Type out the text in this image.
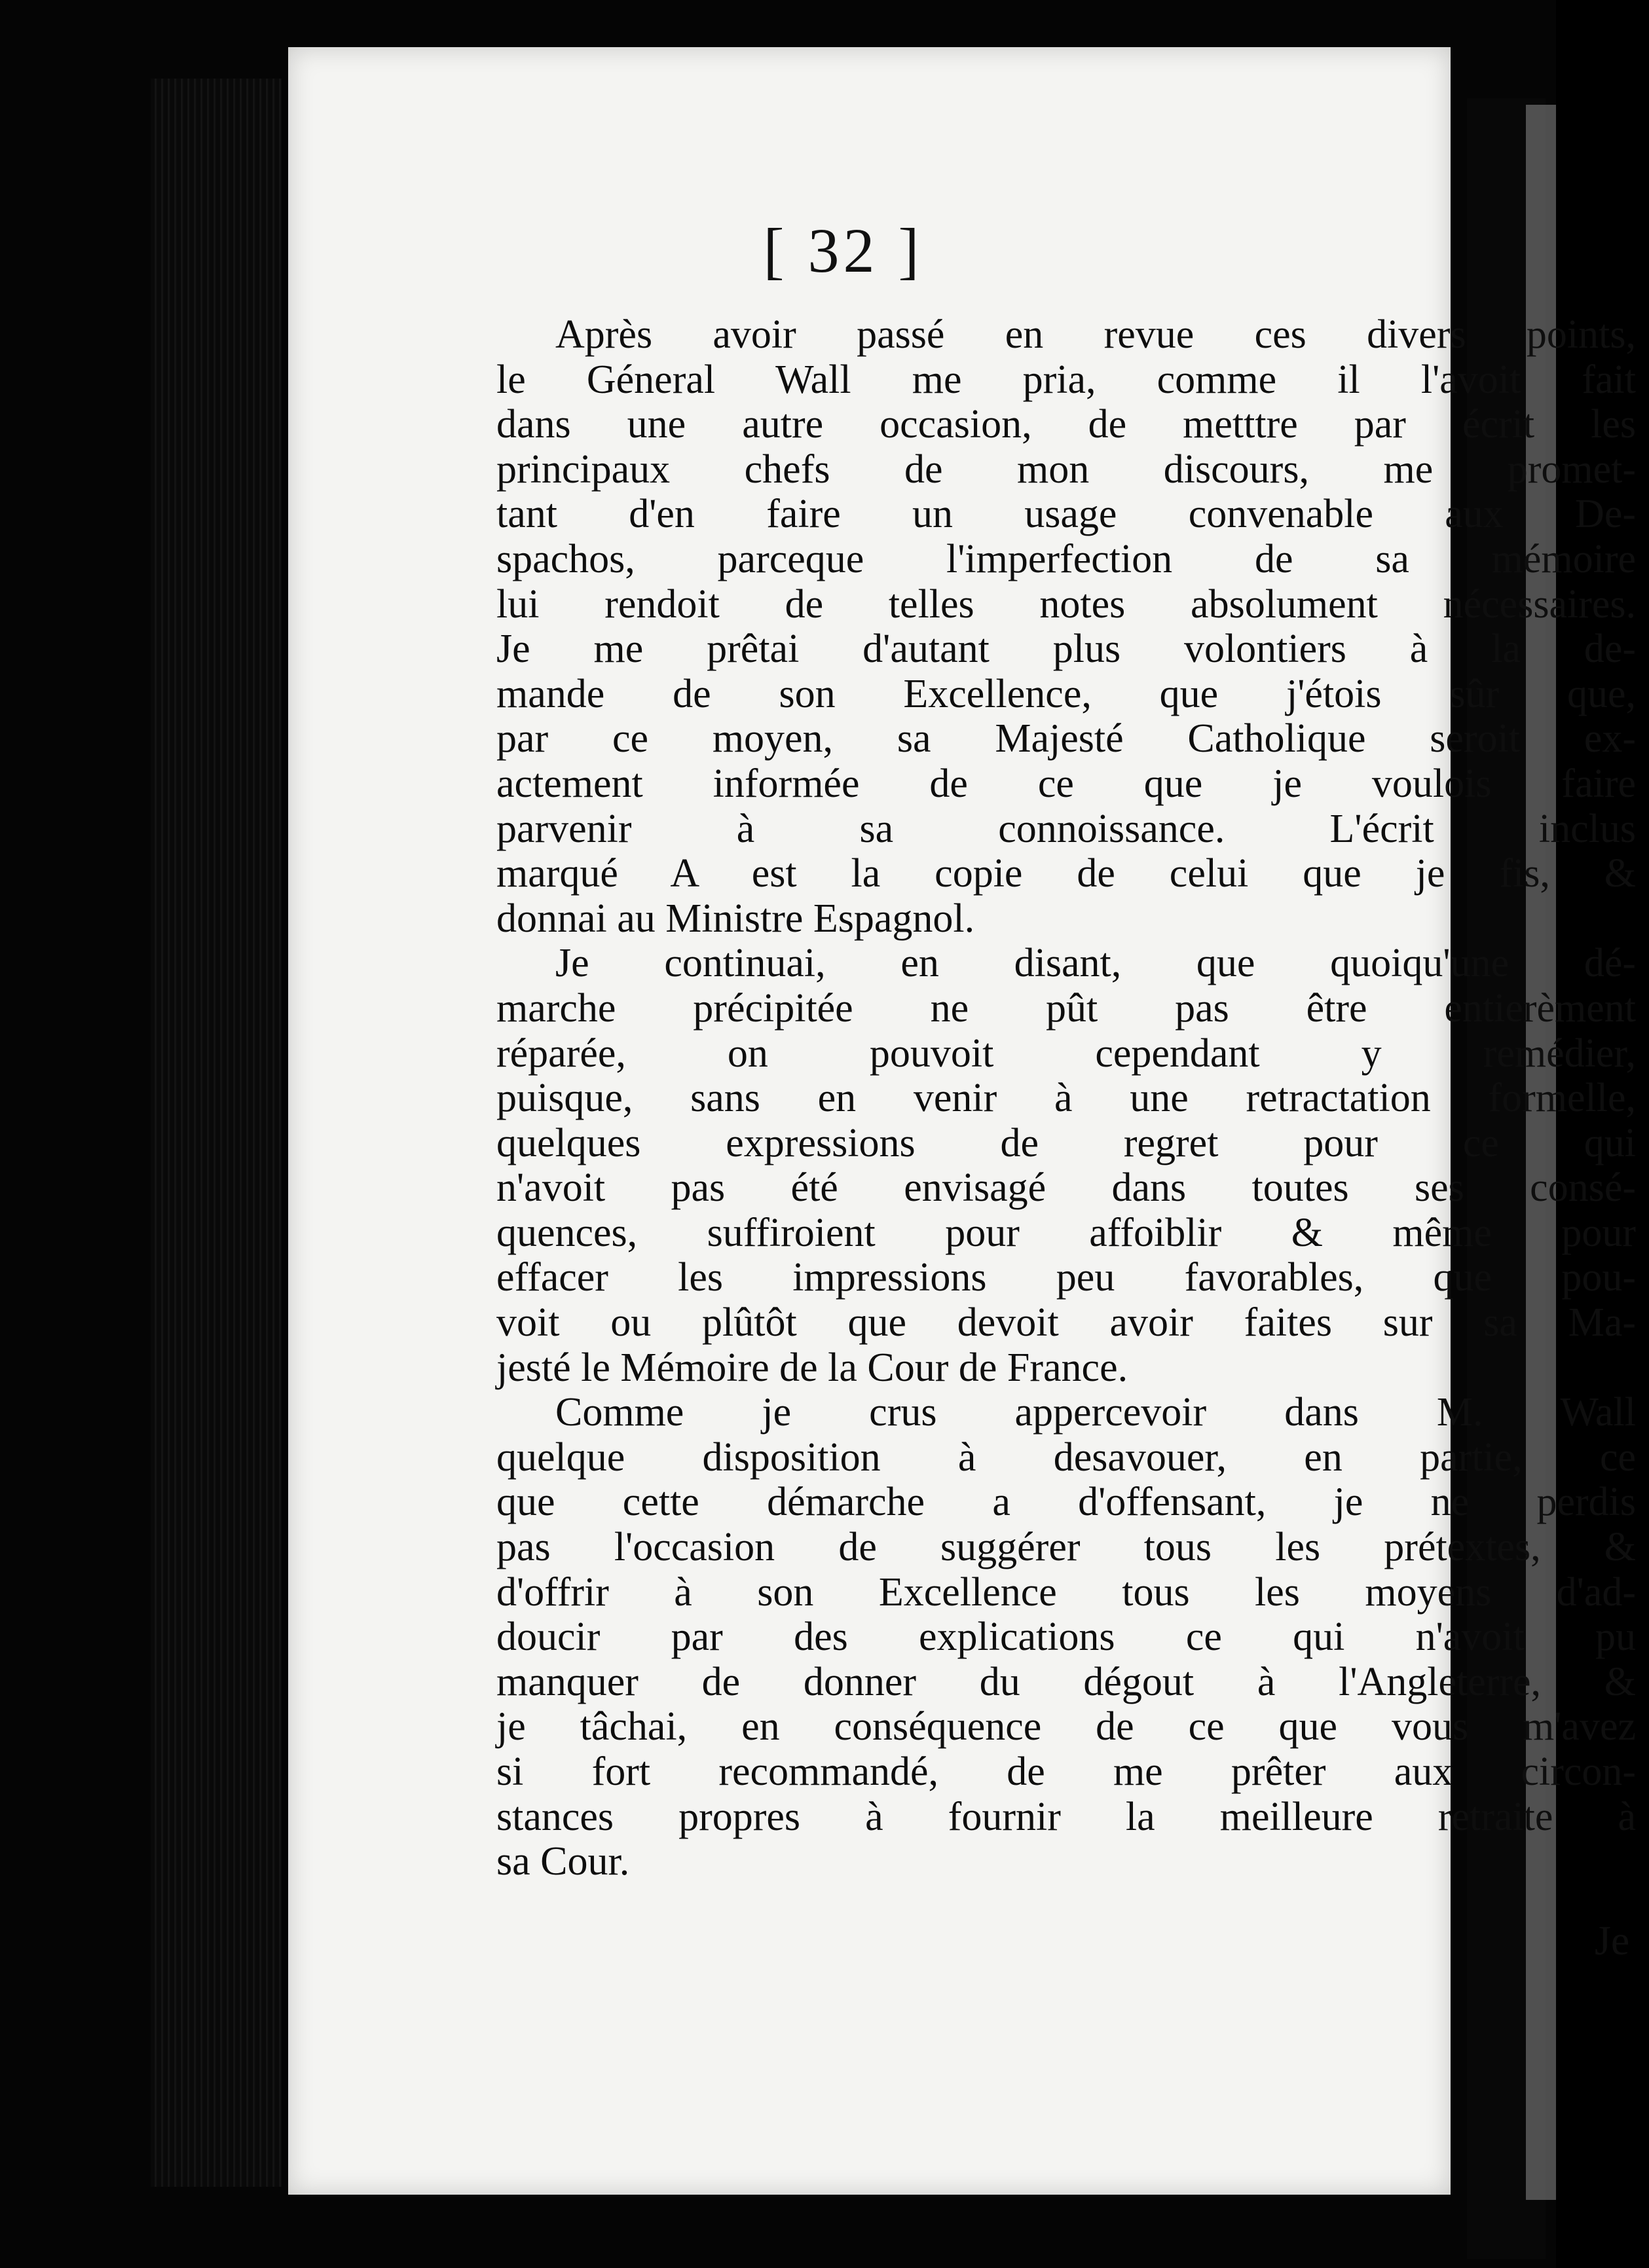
[ 32 ]
Après avoir passé en revue ces divers points,
le Géneral Wall me pria, comme il l'avoit fait
dans une autre occasion, de metttre par écrit les
principaux chefs de mon discours, me promet-
tant d'en faire un usage convenable aux De-
spachos, parceque l'imperfection de sa mémoire
lui rendoit de telles notes absolument nécessaires.
Je me prêtai d'autant plus volontiers à la de-
mande de son Excellence, que j'étois sûr que,
par ce moyen, sa Majesté Catholique seroit ex-
actement informée de ce que je voulois faire
parvenir à sa connoissance. L'écrit inclus
marqué A est la copie de celui que je fis, &
donnai au Ministre Espagnol.
Je continuai, en disant, que quoiqu'une dé-
marche précipitée ne pût pas être entierèment
réparée, on pouvoit cependant y remédier,
puisque, sans en venir à une retractation formelle,
quelques expressions de regret pour ce qui
n'avoit pas été envisagé dans toutes ses consé-
quences, suffiroient pour affoiblir & même pour
effacer les impressions peu favorables, que pou-
voit ou plûtôt que devoit avoir faites sur sa Ma-
jesté le Mémoire de la Cour de France.
Comme je crus appercevoir dans M. Wall
quelque disposition à desavouer, en partie, ce
que cette démarche a d'offensant, je ne perdis
pas l'occasion de suggérer tous les prétextes, &
d'offrir à son Excellence tous les moyens d'ad-
doucir par des explications ce qui n'avoit pu
manquer de donner du dégout à l'Angleterre, &
je tâchai, en conséquence de ce que vous m'avez
si fort recommandé, de me prêter aux circon-
stances propres à fournir la meilleure retraite à
sa Cour.
Je
